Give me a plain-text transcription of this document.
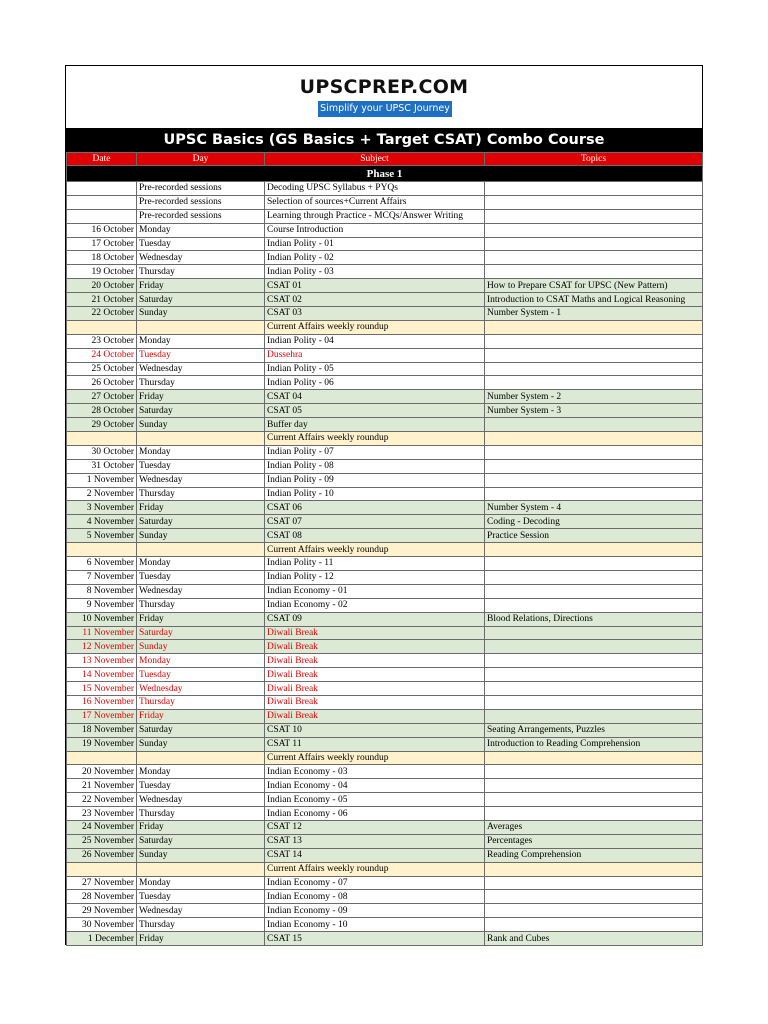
UPSCPREP.COM
Simplify your UPSC Journey
UPSC Basics (GS Basics + Target CSAT) Combo Course
Date	Day	Subject	Topics
Phase 1			
	Pre-recorded sessions	Decoding UPSC Syllabus + PYQs	
	Pre-recorded sessions	Selection of sources+Current Affairs	
	Pre-recorded sessions	Learning through Practice - MCQs/Answer Writing	
16 October	Monday	Course Introduction	
17 October	Tuesday	Indian Polity - 01	
18 October	Wednesday	Indian Polity - 02	
19 October	Thursday	Indian Polity - 03	
20 October	Friday	CSAT 01	How to Prepare CSAT for UPSC (New Pattern)
21 October	Saturday	CSAT 02	Introduction to CSAT Maths and Logical Reasoning
22 October	Sunday	CSAT 03	Number System - 1
		Current Affairs weekly roundup	
23 October	Monday	Indian Polity - 04	
24 October	Tuesday	Dussehra	
25 October	Wednesday	Indian Polity - 05	
26 October	Thursday	Indian Polity - 06	
27 October	Friday	CSAT 04	Number System - 2
28 October	Saturday	CSAT 05	Number System - 3
29 October	Sunday	Buffer day	
		Current Affairs weekly roundup	
30 October	Monday	Indian Polity - 07	
31 October	Tuesday	Indian Polity - 08	
1 November	Wednesday	Indian Polity - 09	
2 November	Thursday	Indian Polity - 10	
3 November	Friday	CSAT 06	Number System - 4
4 November	Saturday	CSAT 07	Coding - Decoding
5 November	Sunday	CSAT 08	Practice Session
		Current Affairs weekly roundup	
6 November	Monday	Indian Polity - 11	
7 November	Tuesday	Indian Polity - 12	
8 November	Wednesday	Indian Economy - 01	
9 November	Thursday	Indian Economy - 02	
10 November	Friday	CSAT 09	Blood Relations, Directions
11 November	Saturday	Diwali Break	
12 November	Sunday	Diwali Break	
13 November	Monday	Diwali Break	
14 November	Tuesday	Diwali Break	
15 November	Wednesday	Diwali Break	
16 November	Thursday	Diwali Break	
17 November	Friday	Diwali Break	
18 November	Saturday	CSAT 10	Seating Arrangements, Puzzles
19 November	Sunday	CSAT 11	Introduction to Reading Comprehension
		Current Affairs weekly roundup	
20 November	Monday	Indian Economy - 03	
21 November	Tuesday	Indian Economy - 04	
22 November	Wednesday	Indian Economy - 05	
23 November	Thursday	Indian Economy - 06	
24 November	Friday	CSAT 12	Averages
25 November	Saturday	CSAT 13	Percentages
26 November	Sunday	CSAT 14	Reading Comprehension
		Current Affairs weekly roundup	
27 November	Monday	Indian Economy - 07	
28 November	Tuesday	Indian Economy - 08	
29 November	Wednesday	Indian Economy - 09	
30 November	Thursday	Indian Economy - 10	
1 December	Friday	CSAT 15	Rank and Cubes
